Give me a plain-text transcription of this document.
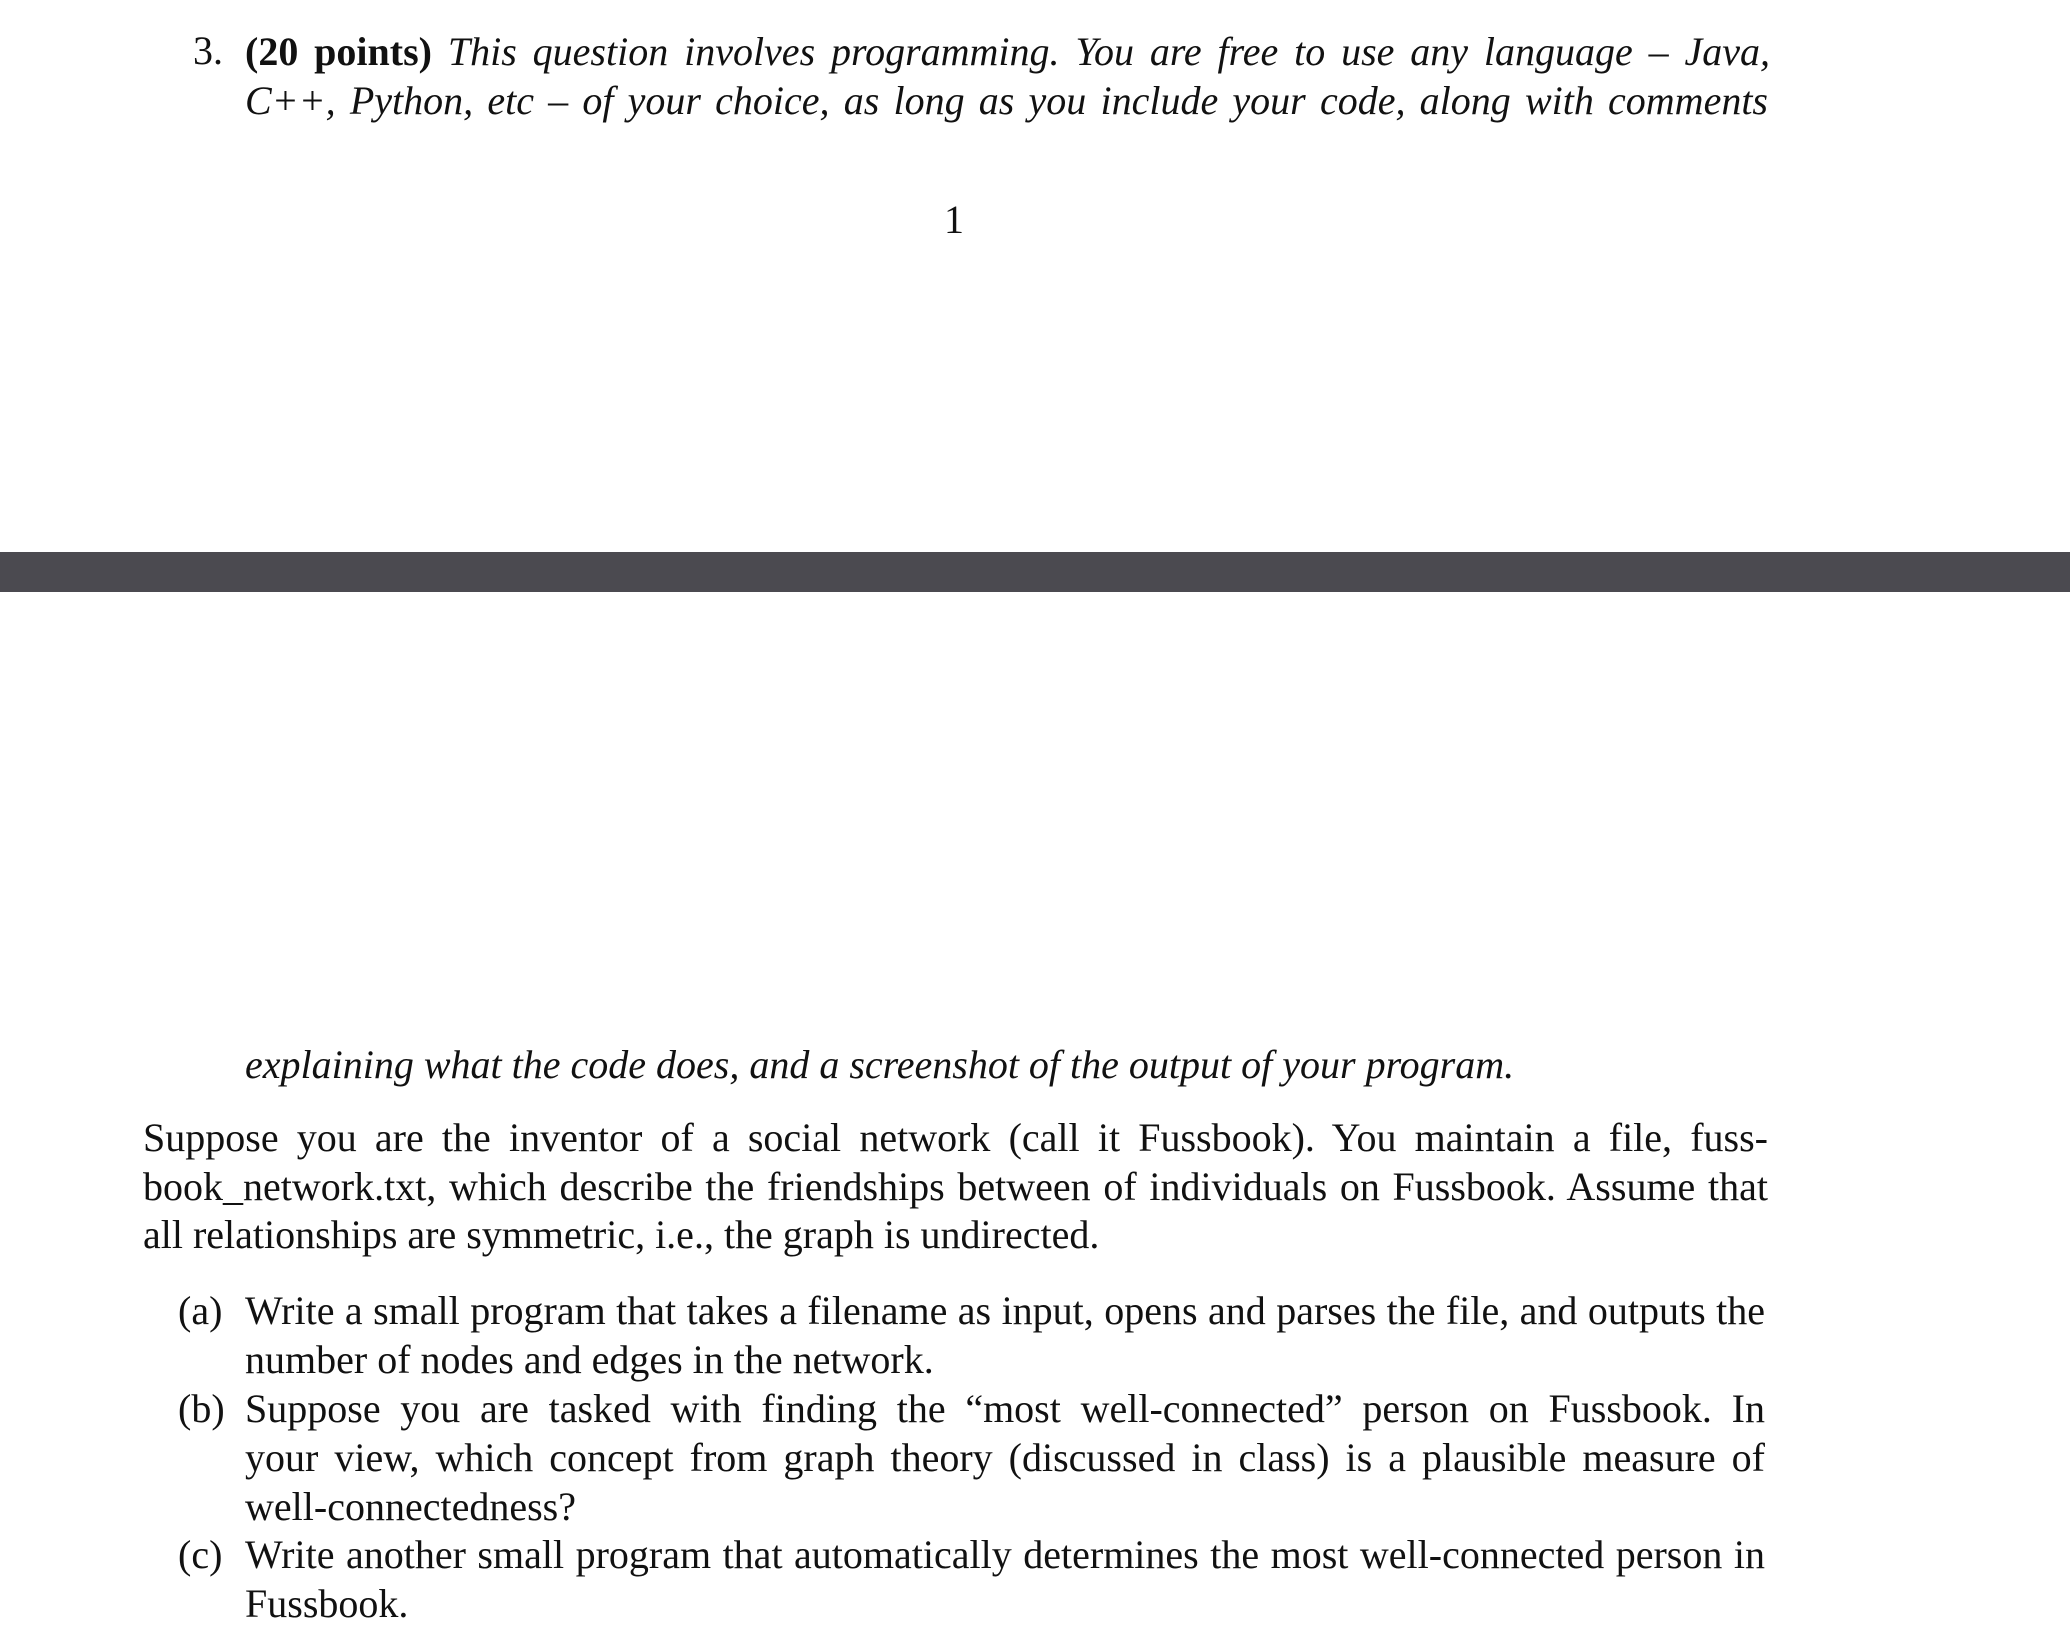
3. (20 points) This question involves programming. You are free to use any language – Java,
C++, Python, etc – of your choice, as long as you include your code, along with comments
1
explaining what the code does, and a screenshot of the output of your program.
Suppose you are the inventor of a social network (call it Fussbook). You maintain a file, fuss-
book_network.txt, which describe the friendships between of individuals on Fussbook. Assume that
all relationships are symmetric, i.e., the graph is undirected.
(a) Write a small program that takes a filename as input, opens and parses the file, and outputs the
number of nodes and edges in the network.
(b) Suppose you are tasked with finding the “most well-connected” person on Fussbook. In
your view, which concept from graph theory (discussed in class) is a plausible measure of
well-connectedness?
(c) Write another small program that automatically determines the most well-connected person in
Fussbook.
